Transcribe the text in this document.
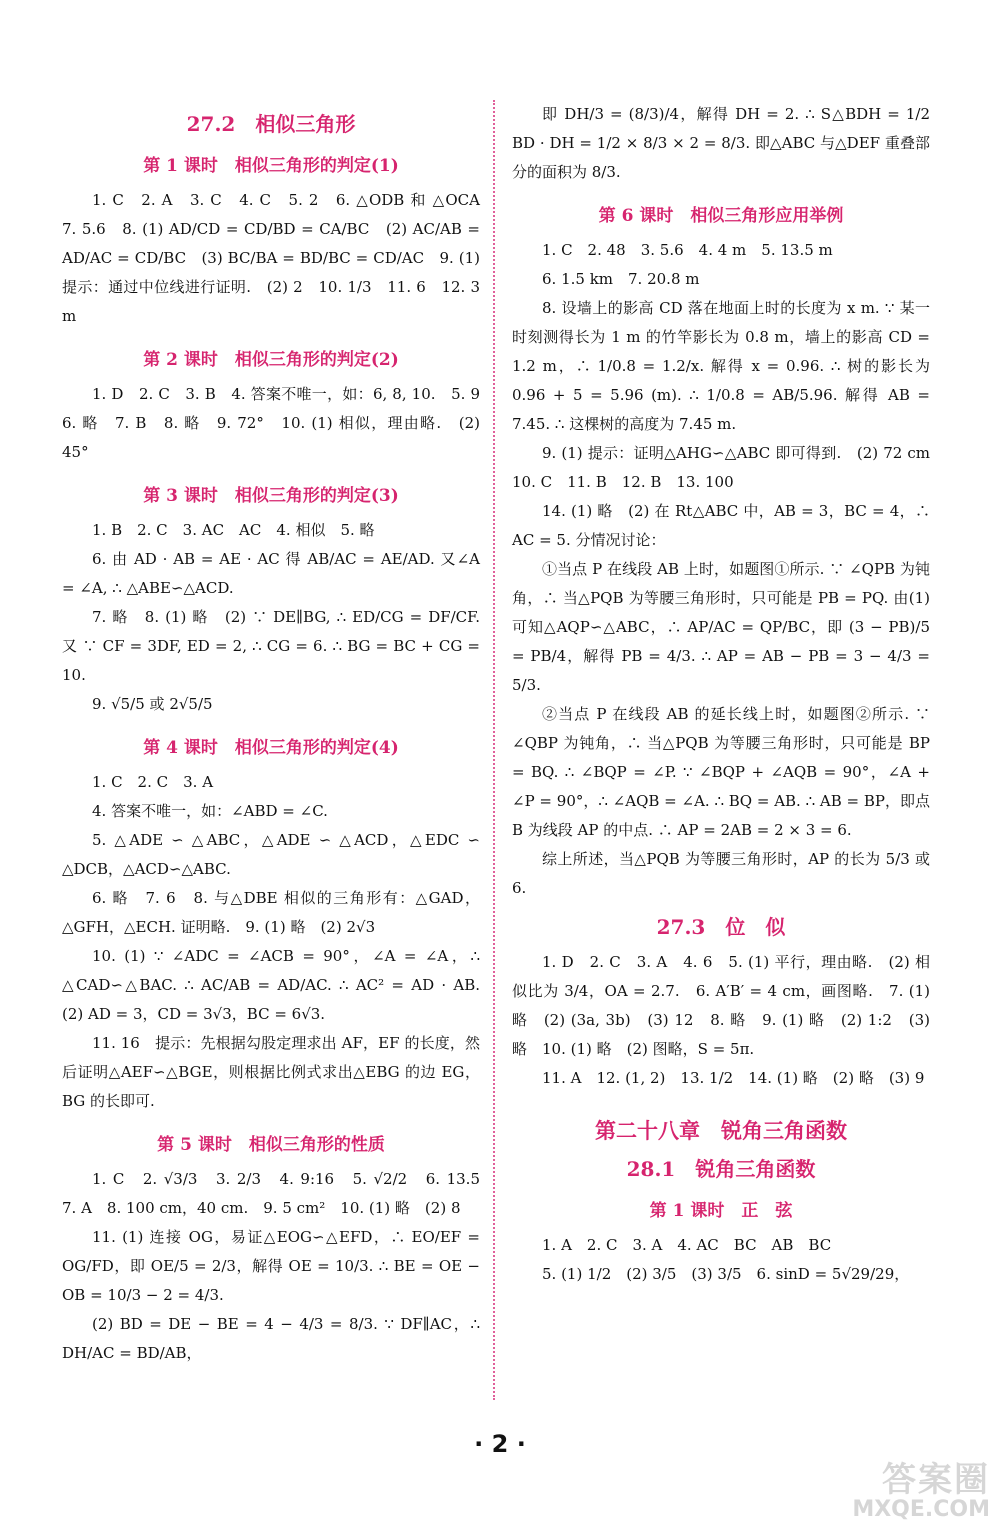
27.2　相似三角形
第 1 课时　相似三角形的判定(1)
1. C　2. A　3. C　4. C　5. 2　6. △ODB 和 △OCA　7. 5.6　8. (1) AD/CD = CD/BD = CA/BC　(2) AC/AB = AD/AC = CD/BC　(3) BC/BA = BD/BC = CD/AC　9. (1) 提示：通过中位线进行证明.　(2) 2　10. 1/3　11. 6　12. 3 m
第 2 课时　相似三角形的判定(2)
1. D　2. C　3. B　4. 答案不唯一，如：6, 8, 10.　5. 9　6. 略　7. B　8. 略　9. 72°　10. (1) 相似，理由略.　(2) 45°
第 3 课时　相似三角形的判定(3)
1. B　2. C　3. AC　AC　4. 相似　5. 略
6. 由 AD · AB = AE · AC 得 AB/AC = AE/AD. 又∠A = ∠A, ∴ △ABE∽△ACD.
7. 略　8. (1) 略　(2) ∵ DE∥BG, ∴ ED/CG = DF/CF. 又 ∵ CF = 3DF, ED = 2, ∴ CG = 6. ∴ BG = BC + CG = 10.
9. √5/5 或 2√5/5
第 4 课时　相似三角形的判定(4)
1. C　2. C　3. A
4. 答案不唯一，如：∠ABD = ∠C.
5. △ADE ∽ △ABC，△ADE ∽ △ACD，△EDC ∽ △DCB，△ACD∽△ABC.
6. 略　7. 6　8. 与△DBE 相似的三角形有：△GAD，△GFH，△ECH. 证明略.　9. (1) 略　(2) 2√3
10. (1) ∵ ∠ADC = ∠ACB = 90°，∠A = ∠A，∴ △CAD∽△BAC. ∴ AC/AB = AD/AC. ∴ AC² = AD · AB.　(2) AD = 3，CD = 3√3，BC = 6√3.
11. 16　提示：先根据勾股定理求出 AF，EF 的长度，然后证明△AEF∽△BGE，则根据比例式求出△EBG 的边 EG，BG 的长即可.
第 5 课时　相似三角形的性质
1. C　2. √3/3　3. 2/3　4. 9:16　5. √2/2　6. 13.5　7. A　8. 100 cm，40 cm.　9. 5 cm²　10. (1) 略　(2) 8
11. (1) 连接 OG，易证△EOG∽△EFD，∴ EO/EF = OG/FD，即 OE/5 = 2/3，解得 OE = 10/3. ∴ BE = OE − OB = 10/3 − 2 = 4/3.
(2) BD = DE − BE = 4 − 4/3 = 8/3. ∵ DF∥AC，∴ DH/AC = BD/AB，
即 DH/3 = (8/3)/4，解得 DH = 2. ∴ S△BDH = 1/2 BD · DH = 1/2 × 8/3 × 2 = 8/3. 即△ABC 与△DEF 重叠部分的面积为 8/3.
第 6 课时　相似三角形应用举例
1. C　2. 48　3. 5.6　4. 4 m　5. 13.5 m
6. 1.5 km　7. 20.8 m
8. 设墙上的影高 CD 落在地面上时的长度为 x m. ∵ 某一时刻测得长为 1 m 的竹竿影长为 0.8 m，墙上的影高 CD = 1.2 m，∴ 1/0.8 = 1.2/x. 解得 x = 0.96. ∴ 树的影长为 0.96 + 5 = 5.96 (m). ∴ 1/0.8 = AB/5.96. 解得 AB = 7.45. ∴ 这棵树的高度为 7.45 m.
9. (1) 提示：证明△AHG∽△ABC 即可得到.　(2) 72 cm　10. C　11. B　12. B　13. 100
14. (1) 略　(2) 在 Rt△ABC 中，AB = 3，BC = 4，∴ AC = 5. 分情况讨论：
①当点 P 在线段 AB 上时，如题图①所示. ∵ ∠QPB 为钝角，∴ 当△PQB 为等腰三角形时，只可能是 PB = PQ. 由(1)可知△AQP∽△ABC，∴ AP/AC = QP/BC，即 (3 − PB)/5 = PB/4，解得 PB = 4/3. ∴ AP = AB − PB = 3 − 4/3 = 5/3.
②当点 P 在线段 AB 的延长线上时，如题图②所示. ∵ ∠QBP 为钝角，∴ 当△PQB 为等腰三角形时，只可能是 BP = BQ. ∴ ∠BQP = ∠P. ∵ ∠BQP + ∠AQB = 90°，∠A + ∠P = 90°，∴ ∠AQB = ∠A. ∴ BQ = AB. ∴ AB = BP，即点 B 为线段 AP 的中点. ∴ AP = 2AB = 2 × 3 = 6.
综上所述，当△PQB 为等腰三角形时，AP 的长为 5/3 或 6.
27.3　位　似
1. D　2. C　3. A　4. 6　5. (1) 平行，理由略.　(2) 相似比为 3/4，OA = 2.7.　6. A′B′ = 4 cm，画图略.　7. (1) 略　(2) (3a, 3b)　(3) 12　8. 略　9. (1) 略　(2) 1:2　(3) 略　10. (1) 略　(2) 图略，S = 5π.
11. A　12. (1, 2)　13. 1/2　14. (1) 略　(2) 略　(3) 9
第二十八章　锐角三角函数
28.1　锐角三角函数
第 1 课时　正　弦
1. A　2. C　3. A　4. AC　BC　AB　BC
5. (1) 1/2　(2) 3/5　(3) 3/5　6. sinD = 5√29/29，
· 2 ·
答案圈
MXQE.COM
